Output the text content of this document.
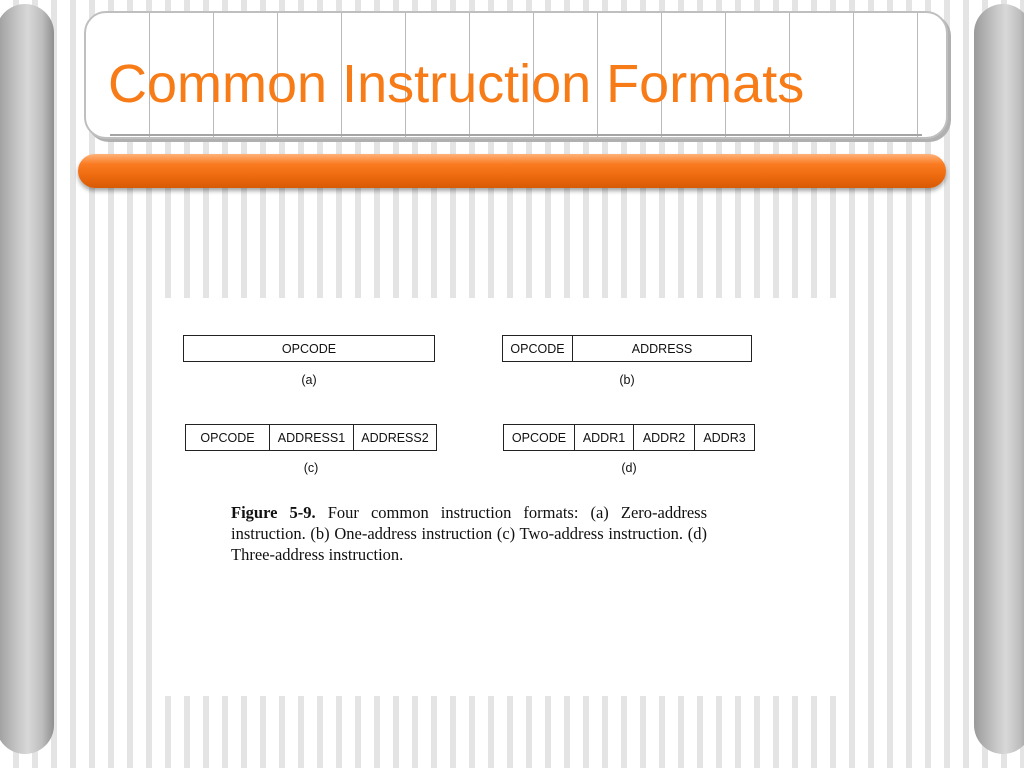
Common Instruction Formats
OPCODE
(a)
OPCODE	ADDRESS
(b)
OPCODE	ADDRESS1	ADDRESS2
(c)
OPCODE	ADDR1	ADDR2	ADDR3
(d)
Figure 5-9. Four common instruction formats: (a) Zero-address instruction. (b) One-address instruction (c) Two-address instruction. (d) Three-address instruction.
